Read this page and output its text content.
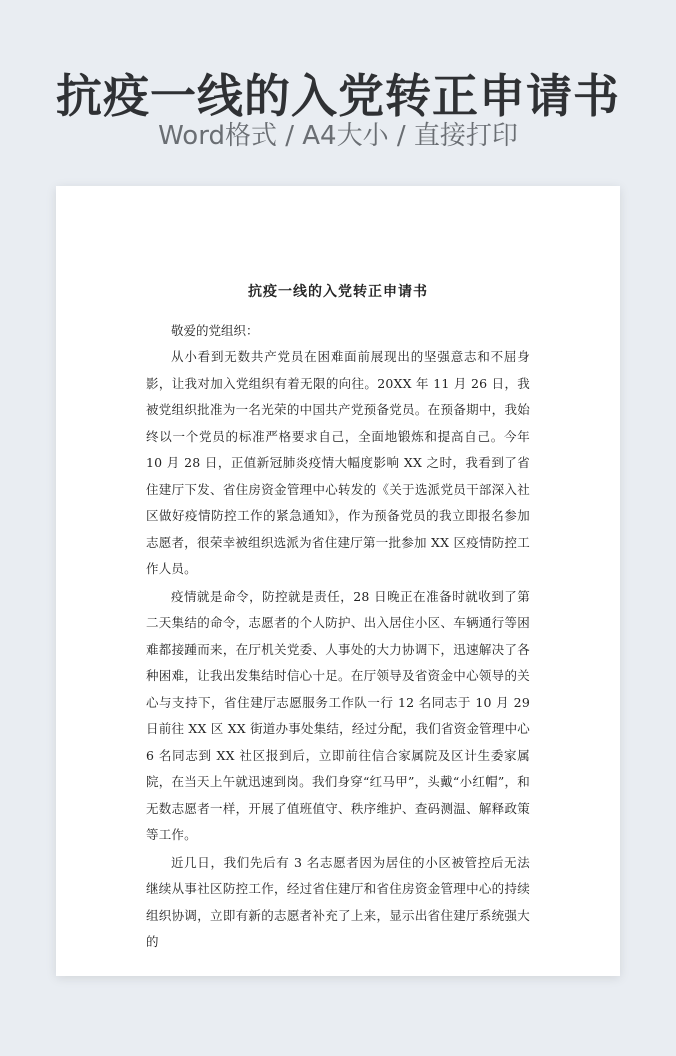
抗疫一线的入党转正申请书
Word格式 / A4大小 / 直接打印
抗疫一线的入党转正申请书

敬爱的党组织：

从小看到无数共产党员在困难面前展现出的坚强意志和不屈身影，让我对加入党组织有着无限的向往。20XX 年 11 月 26 日，我被党组织批准为一名光荣的中国共产党预备党员。在预备期中，我始终以一个党员的标准严格要求自己，全面地锻炼和提高自己。今年 10 月 28 日，正值新冠肺炎疫情大幅度影响 XX 之时，我看到了省住建厅下发、省住房资金管理中心转发的《关于选派党员干部深入社区做好疫情防控工作的紧急通知》，作为预备党员的我立即报名参加志愿者，很荣幸被组织选派为省住建厅第一批参加 XX 区疫情防控工作人员。

疫情就是命令，防控就是责任，28 日晚正在准备时就收到了第二天集结的命令，志愿者的个人防护、出入居住小区、车辆通行等困难都接踵而来，在厅机关党委、人事处的大力协调下，迅速解决了各种困难，让我出发集结时信心十足。在厅领导及省资金中心领导的关心与支持下，省住建厅志愿服务工作队一行 12 名同志于 10 月 29 日前往 XX 区 XX 街道办事处集结，经过分配，我们省资金管理中心 6 名同志到 XX 社区报到后，立即前往信合家属院及区计生委家属院，在当天上午就迅速到岗。我们身穿“红马甲”，头戴“小红帽”，和无数志愿者一样，开展了值班值守、秩序维护、查码测温、解释政策等工作。

近几日，我们先后有 3 名志愿者因为居住的小区被管控后无法继续从事社区防控工作，经过省住建厅和省住房资金管理中心的持续组织协调，立即有新的志愿者补充了上来，显示出省住建厅系统强大的
